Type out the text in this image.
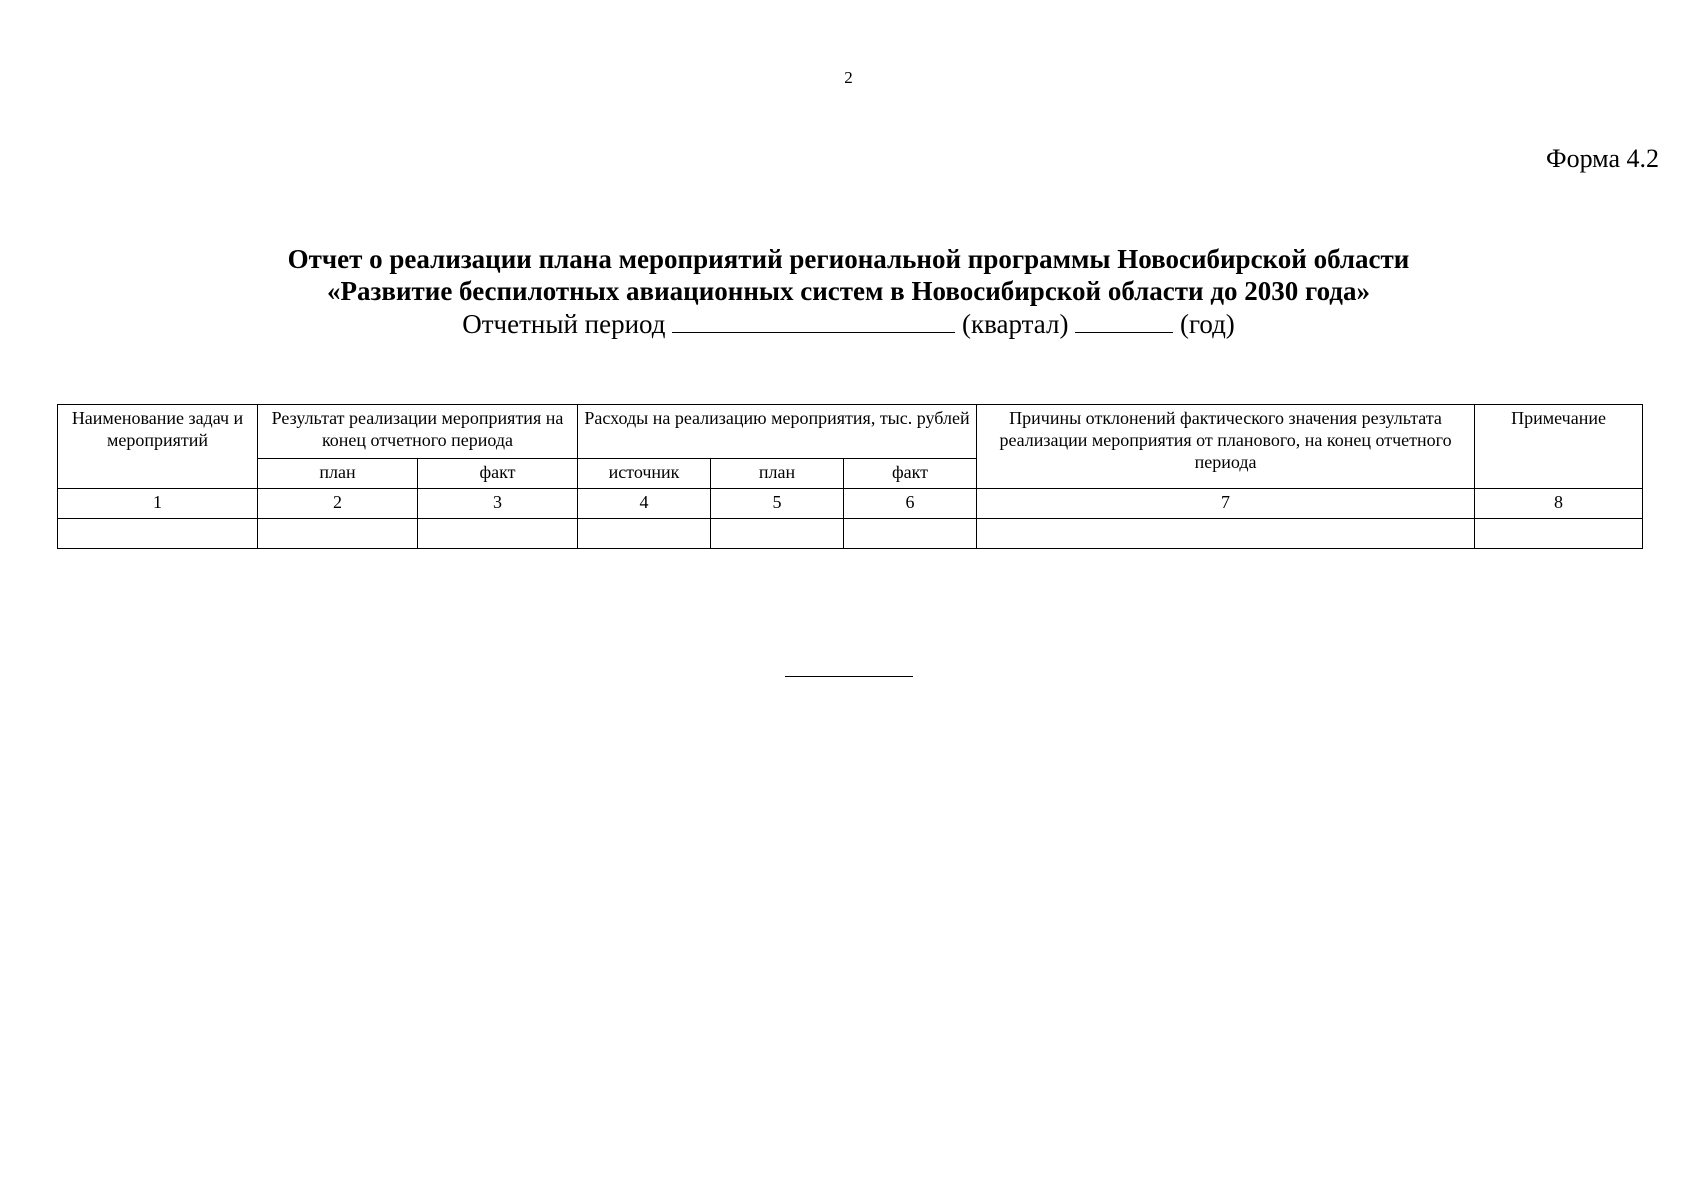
2
Форма 4.2
Отчет о реализации плана мероприятий региональной программы Новосибирской области
«Развитие беспилотных авиационных систем в Новосибирской области до 2030 года»
Отчетный период	(квартал)	(год)
Наименование задач и мероприятий	Результат реализации мероприятия на конец отчетного периода		Расходы на реализацию мероприятия, тыс. рублей			Причины отклонений фактического значения результата реализации мероприятия от планового, на конец отчетного периода	Примечание
	план	факт	источник	план	факт		
1	2	3	4	5	6	7	8
